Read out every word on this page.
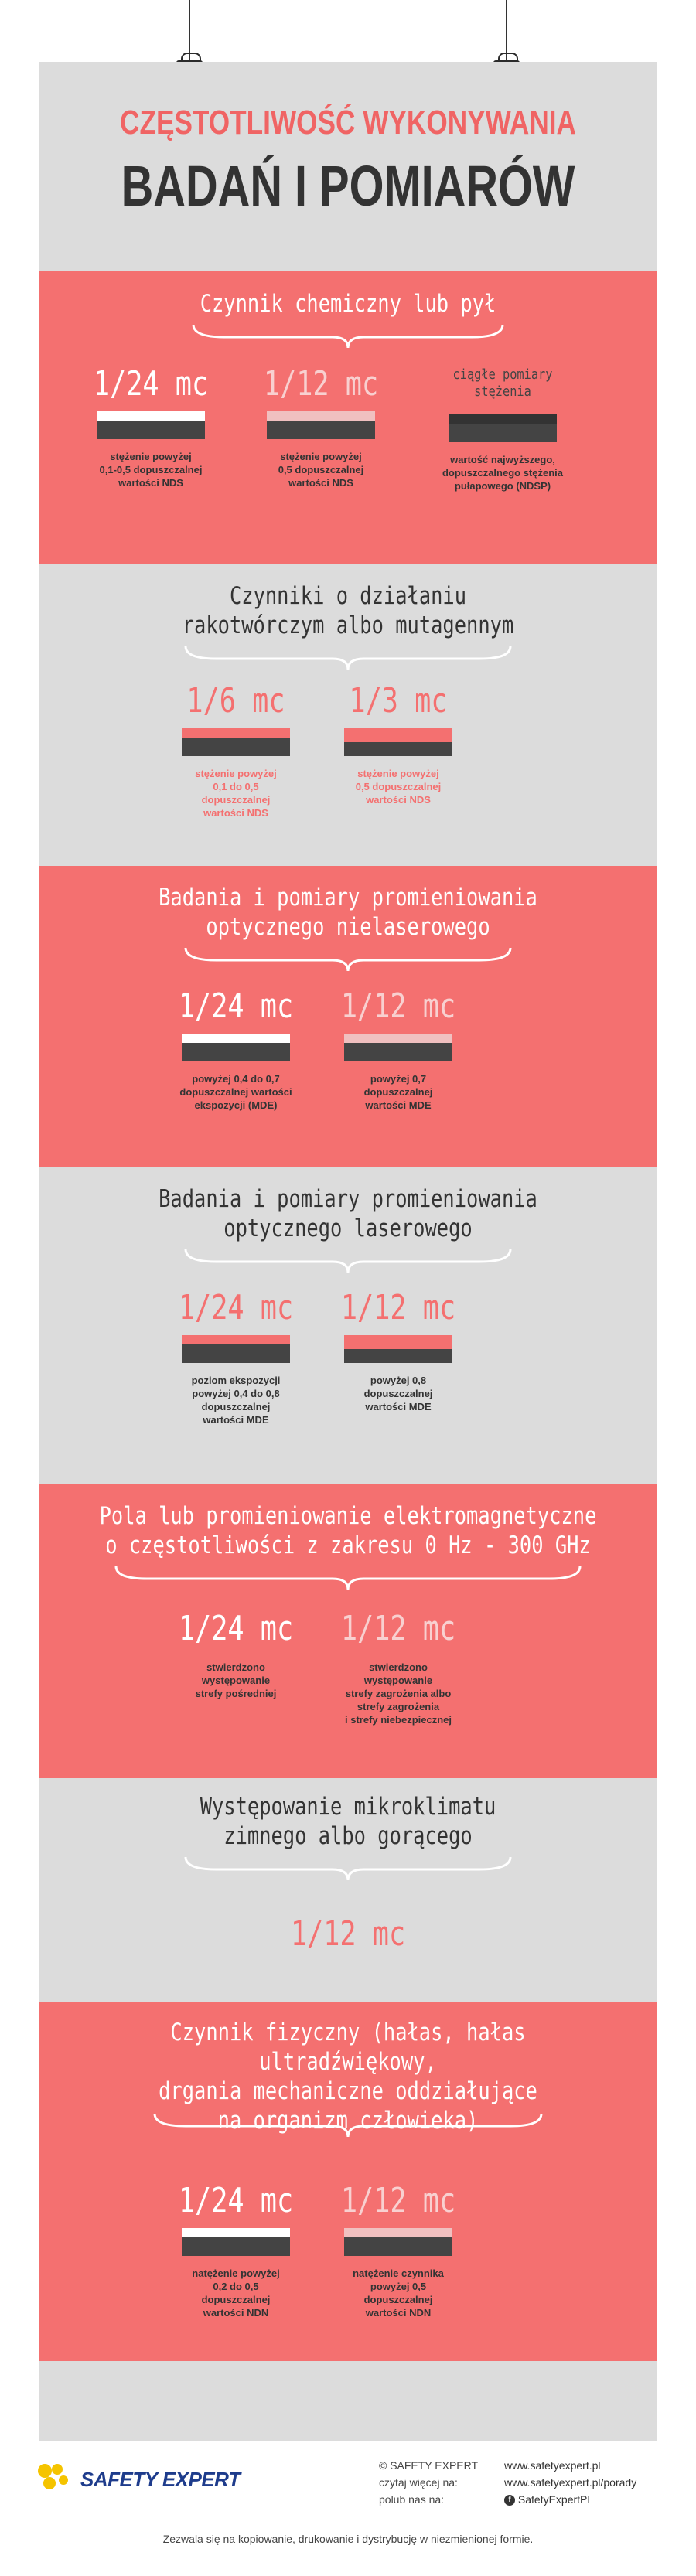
CZĘSTOTLIWOŚĆ WYKONYWANIA
BADAŃ I POMIARÓW
Czynnik chemiczny lub pył
1/24 mc
stężenie powyżej
0,1-0,5 dopuszczalnej
wartości NDS
1/12 mc
stężenie powyżej
0,5 dopuszczalnej
wartości NDS
ciągłe pomiary stężenia
wartość najwyższego,
dopuszczalnego stężenia
pułapowego (NDSP)
Czynniki o działaniu
rakotwórczym albo mutagennym
1/6 mc
stężenie powyżej
0,1 do 0,5 dopuszczalnej
wartości NDS
1/3 mc
stężenie powyżej
0,5 dopuszczalnej
wartości NDS
Badania i pomiary promieniowania
optycznego nielaserowego
1/24 mc
powyżej 0,4 do 0,7
dopuszczalnej wartości
ekspozycji (MDE)
1/12 mc
powyżej 0,7
dopuszczalnej
wartości MDE
Badania i pomiary promieniowania
optycznego laserowego
1/24 mc
poziom ekspozycji
powyżej 0,4 do 0,8
dopuszczalnej
wartości MDE
1/12 mc
powyżej 0,8
dopuszczalnej
wartości MDE
Pola lub promieniowanie elektromagnetyczne
o częstotliwości z zakresu 0 Hz - 300 GHz
1/24 mc
stwierdzono
występowanie
strefy pośredniej
1/12 mc
stwierdzono
występowanie
strefy zagrożenia albo
strefy zagrożenia
i strefy niebezpiecznej
Występowanie mikroklimatu
zimnego albo gorącego
1/12 mc
Czynnik fizyczny (hałas, hałas ultradźwiękowy,
drgania mechaniczne oddziałujące
na organizm człowieka)
1/24 mc
natężenie powyżej
0,2 do 0,5 dopuszczalnej
wartości NDN
1/12 mc
natężenie czynnika
powyżej 0,5 dopuszczalnej
wartości NDN
SAFETY EXPERT
© SAFETY EXPERT
czytaj więcej na:
polub nas na:
www.safetyexpert.pl
www.safetyexpert.pl/porady
f SafetyExpertPL
Zezwala się na kopiowanie, drukowanie i dystrybucję w niezmienionej formie.
